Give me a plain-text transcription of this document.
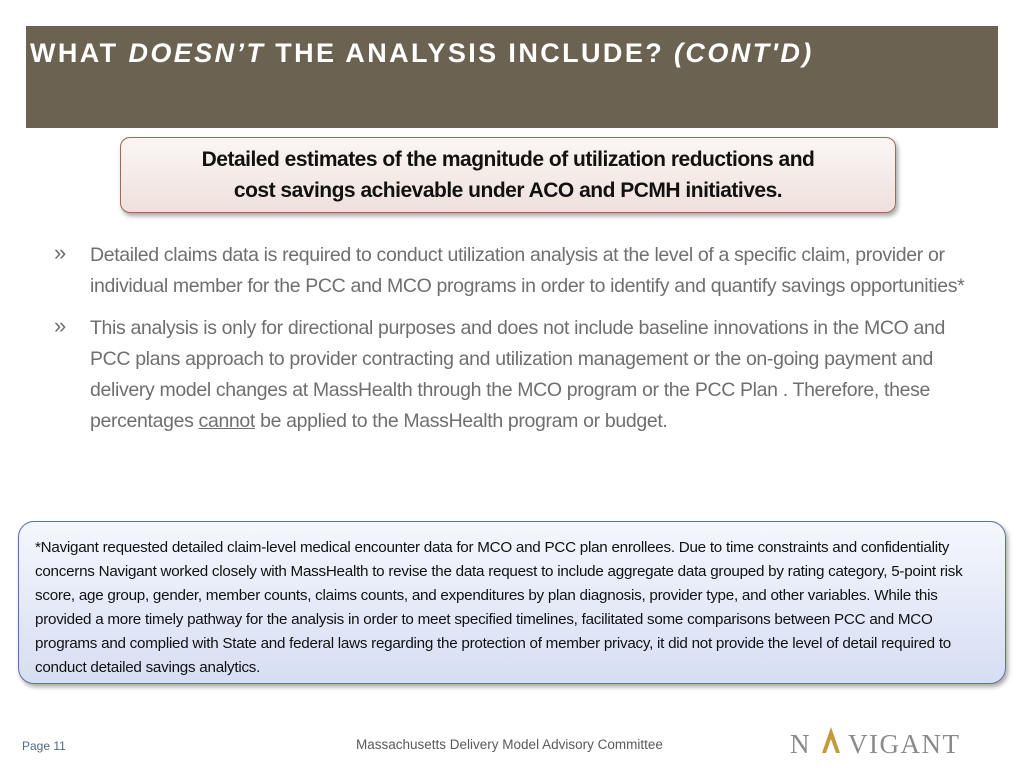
WHAT DOESN’T THE ANALYSIS INCLUDE? (CONT'D)
Detailed estimates of the magnitude of utilization reductions and
cost savings achievable under ACO and PCMH initiatives.
» Detailed claims data is required to conduct utilization analysis at the level of a specific claim, provider or individual member for the PCC and MCO programs in order to identify and quantify savings opportunities*
» This analysis is only for directional purposes and does not include baseline innovations in the MCO and PCC plans approach to provider contracting and utilization management or the on-going payment and delivery model changes at MassHealth through the MCO program or the PCC Plan . Therefore, these percentages cannot be applied to the MassHealth program or budget.
*Navigant requested detailed claim-level medical encounter data for MCO and PCC plan enrollees. Due to time constraints and confidentiality concerns Navigant worked closely with MassHealth to revise the data request to include aggregate data grouped by rating category, 5-point risk score, age group, gender, member counts, claims counts, and expenditures by plan diagnosis, provider type, and other variables. While this provided a more timely pathway for the analysis in order to meet specified timelines, facilitated some comparisons between PCC and MCO programs and complied with State and federal laws regarding the protection of member privacy, it did not provide the level of detail required to conduct detailed savings analytics.
Page 11	Massachusetts Delivery Model Advisory Committee	N VIGANT
